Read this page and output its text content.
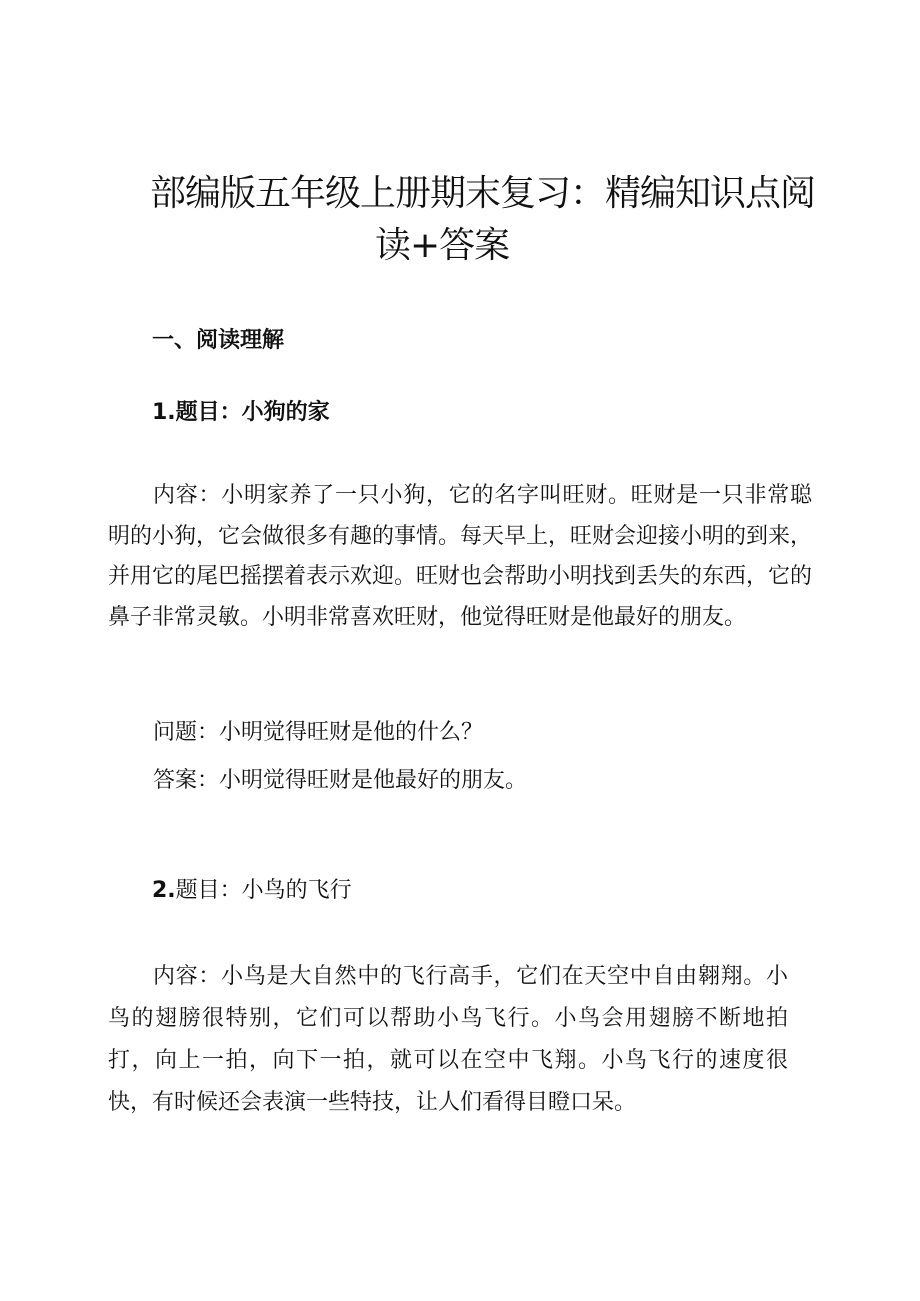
部编版五年级上册期末复习：精编知识点阅
读+答案
一、阅读理解
1.题目：小狗的家

内容：小明家养了一只小狗，它的名字叫旺财。旺财是一只非常聪明的小狗，它会做很多有趣的事情。每天早上，旺财会迎接小明的到来，并用它的尾巴摇摆着表示欢迎。旺财也会帮助小明找到丢失的东西，它的鼻子非常灵敏。小明非常喜欢旺财，他觉得旺财是他最好的朋友。

问题：小明觉得旺财是他的什么？

答案：小明觉得旺财是他最好的朋友。

2.题目：小鸟的飞行

内容：小鸟是大自然中的飞行高手，它们在天空中自由翱翔。小鸟的翅膀很特别，它们可以帮助小鸟飞行。小鸟会用翅膀不断地拍打，向上一拍，向下一拍，就可以在空中飞翔。小鸟飞行的速度很快，有时候还会表演一些特技，让人们看得目瞪口呆。
